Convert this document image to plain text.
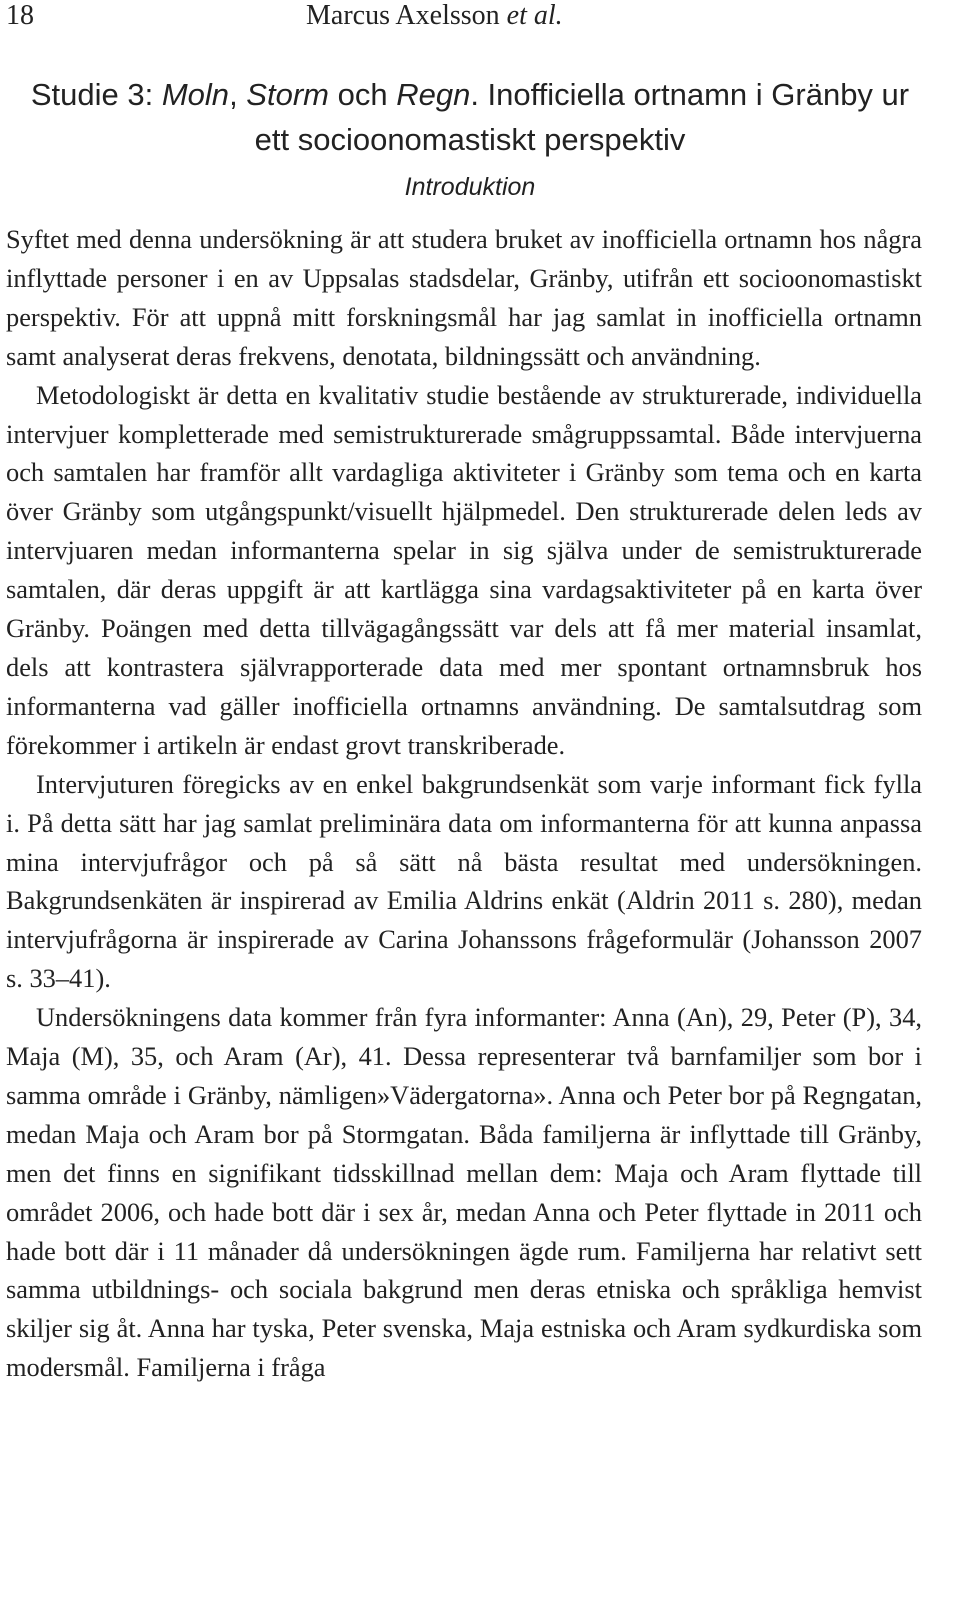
18	Marcus Axelsson et al.
Studie 3: Moln, Storm och Regn. Inofficiella ortnamn i Gränby ur ett socioonomastiskt perspektiv
Introduktion

Syftet med denna undersökning är att studera bruket av inofficiella ortnamn hos några inflyttade personer i en av Uppsalas stadsdelar, Gränby, utifrån ett socioonomastiskt perspektiv. För att uppnå mitt forskningsmål har jag samlat in inofficiella ortnamn samt analyserat deras frekvens, denotata, bildningssätt och användning.

Metodologiskt är detta en kvalitativ studie bestående av strukturerade, individuella intervjuer kompletterade med semistrukturerade smågruppssamtal. Både intervjuerna och samtalen har framför allt vardagliga aktiviteter i Gränby som tema och en karta över Gränby som utgångspunkt/visuellt hjälpmedel. Den strukturerade delen leds av intervjuaren medan informanterna spelar in sig själva under de semistrukturerade samtalen, där deras uppgift är att kartlägga sina vardagsaktiviteter på en karta över Gränby. Poängen med detta tillvägagångssätt var dels att få mer material insamlat, dels att kontrastera självrapporterade data med mer spontant ortnamnsbruk hos informanterna vad gäller inofficiella ortnamns användning. De samtalsutdrag som förekommer i artikeln är endast grovt transkriberade.

Intervjuturen föregicks av en enkel bakgrundsenkät som varje informant fick fylla i. På detta sätt har jag samlat preliminära data om informanterna för att kunna anpassa mina intervjufrågor och på så sätt nå bästa resultat med undersökningen. Bakgrundsenkäten är inspirerad av Emilia Aldrins enkät (Aldrin 2011 s. 280), medan intervjufrågorna är inspirerade av Carina Johanssons frågeformulär (Johansson 2007 s. 33–41).

Undersökningens data kommer från fyra informanter: Anna (An), 29, Peter (P), 34, Maja (M), 35, och Aram (Ar), 41. Dessa representerar två barnfamiljer som bor i samma område i Gränby, nämligen»Vädergatorna». Anna och Peter bor på Regngatan, medan Maja och Aram bor på Stormgatan. Båda familjerna är inflyttade till Gränby, men det finns en signifikant tidsskillnad mellan dem: Maja och Aram flyttade till området 2006, och hade bott där i sex år, medan Anna och Peter flyttade in 2011 och hade bott där i 11 månader då undersökningen ägde rum. Familjerna har relativt sett samma utbildnings- och sociala bakgrund men deras etniska och språkliga hemvist skiljer sig åt. Anna har tyska, Peter svenska, Maja estniska och Aram sydkurdiska som modersmål. Familjerna i fråga
